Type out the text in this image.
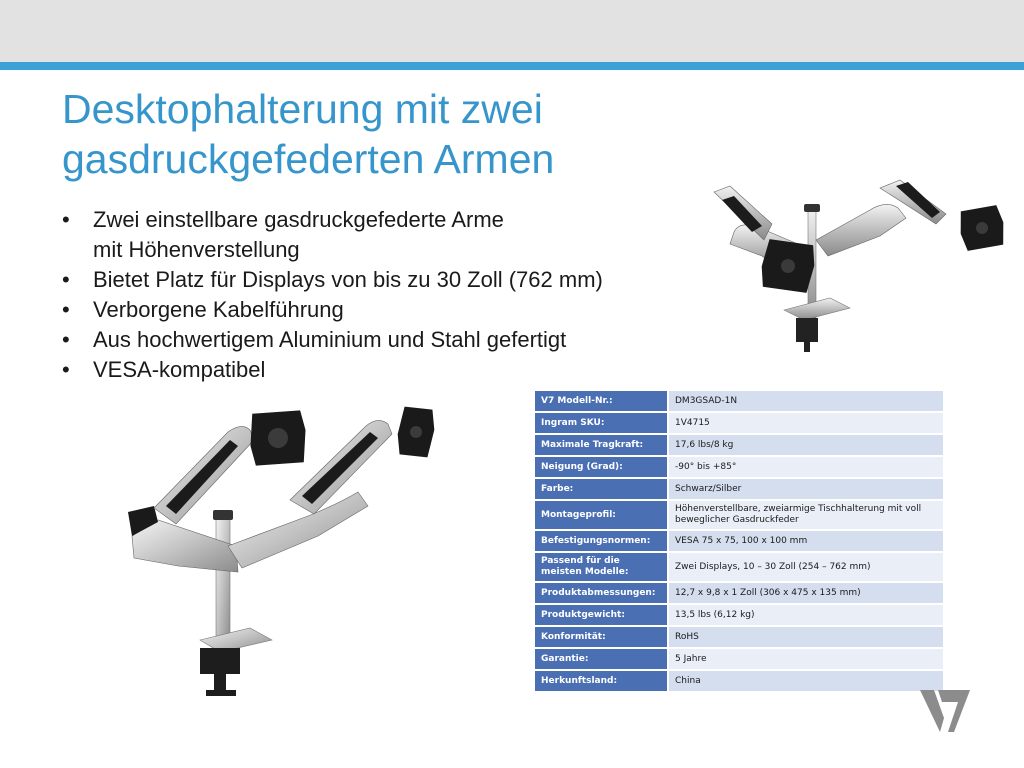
Desktophalterung mit zwei
gasdruckgefederten Armen
• Zwei einstellbare gasdruckgefederte Arme
mit Höhenverstellung
• Bietet Platz für Displays von bis zu 30 Zoll (762 mm)
• Verborgene Kabelführung
• Aus hochwertigem Aluminium und Stahl gefertigt
• VESA-kompatibel
V7 Modell-Nr.:	DM3GSAD-1N
Ingram SKU:	1V4715
Maximale Tragkraft:	17,6 lbs/8 kg
Neigung (Grad):	-90° bis +85°
Farbe:	Schwarz/Silber
Montageprofil:	Höhenverstellbare, zweiarmige Tischhalterung mit voll beweglicher Gasdruckfeder
Befestigungsnormen:	VESA 75 x 75, 100 x 100 mm
Passend für die meisten Modelle:	Zwei Displays, 10 – 30 Zoll (254 – 762 mm)
Produktabmessungen:	12,7 x 9,8 x 1 Zoll (306 x 475 x 135 mm)
Produktgewicht:	13,5 lbs (6,12 kg)
Konformität:	RoHS
Garantie:	5 Jahre
Herkunftsland:	China
